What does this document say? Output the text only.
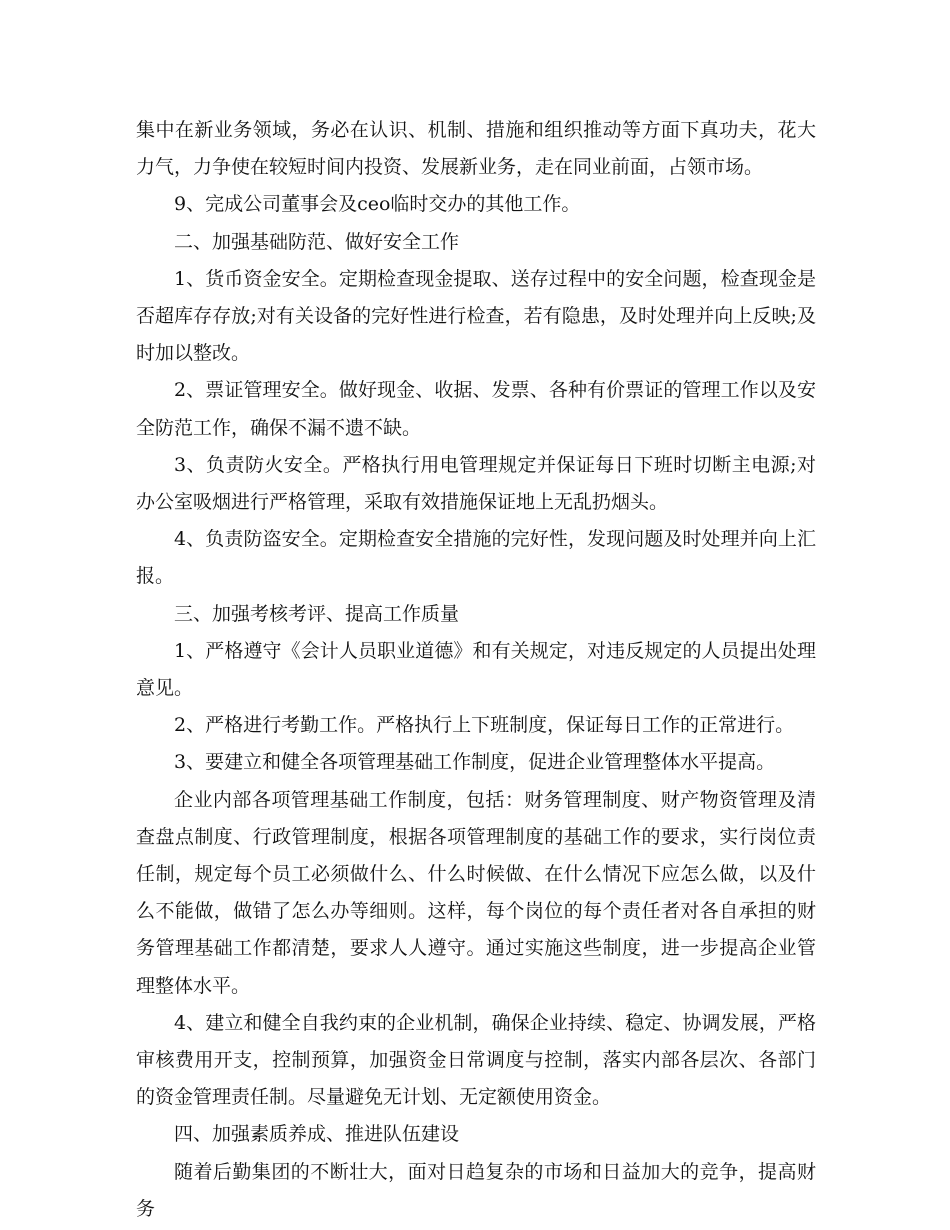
集中在新业务领域，务必在认识、机制、措施和组织推动等方面下真功夫，花大力气，力争使在较短时间内投资、发展新业务，走在同业前面，占领市场。

9、完成公司董事会及ceo临时交办的其他工作。

二、加强基础防范、做好安全工作

1、货币资金安全。定期检查现金提取、送存过程中的安全问题，检查现金是否超库存存放;对有关设备的完好性进行检查，若有隐患，及时处理并向上反映;及时加以整改。

2、票证管理安全。做好现金、收据、发票、各种有价票证的管理工作以及安全防范工作，确保不漏不遗不缺。

3、负责防火安全。严格执行用电管理规定并保证每日下班时切断主电源;对办公室吸烟进行严格管理，采取有效措施保证地上无乱扔烟头。

4、负责防盗安全。定期检查安全措施的完好性，发现问题及时处理并向上汇报。

三、加强考核考评、提高工作质量

1、严格遵守《会计人员职业道德》和有关规定，对违反规定的人员提出处理意见。

2、严格进行考勤工作。严格执行上下班制度，保证每日工作的正常进行。

3、要建立和健全各项管理基础工作制度，促进企业管理整体水平提高。

企业内部各项管理基础工作制度，包括：财务管理制度、财产物资管理及清查盘点制度、行政管理制度，根据各项管理制度的基础工作的要求，实行岗位责任制，规定每个员工必须做什么、什么时候做、在什么情况下应怎么做，以及什么不能做，做错了怎么办等细则。这样，每个岗位的每个责任者对各自承担的财务管理基础工作都清楚，要求人人遵守。通过实施这些制度，进一步提高企业管理整体水平。

4、建立和健全自我约束的企业机制，确保企业持续、稳定、协调发展，严格审核费用开支，控制预算，加强资金日常调度与控制，落实内部各层次、各部门的资金管理责任制。尽量避免无计划、无定额使用资金。

四、加强素质养成、推进队伍建设

随着后勤集团的不断壮大，面对日趋复杂的市场和日益加大的竞争，提高财务
